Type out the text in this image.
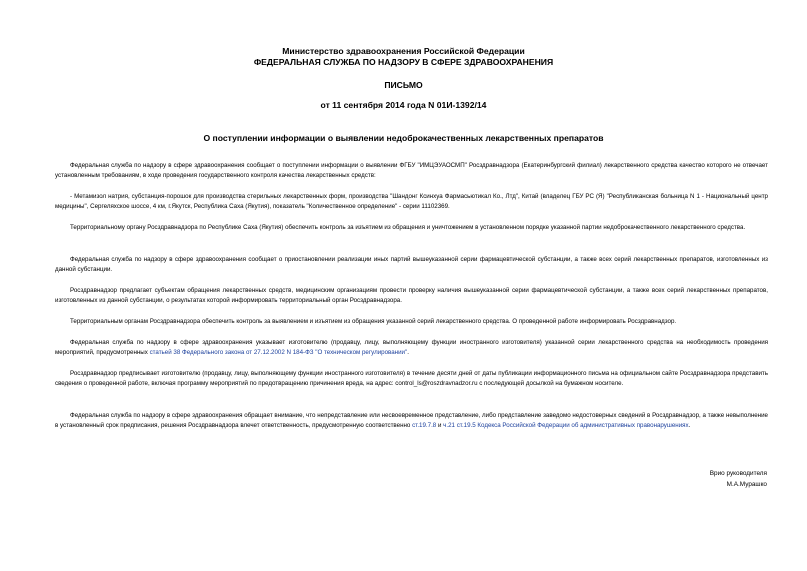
Министерство здравоохранения Российской Федерации
ФЕДЕРАЛЬНАЯ СЛУЖБА ПО НАДЗОРУ В СФЕРЕ ЗДРАВООХРАНЕНИЯ
ПИСЬМО
от 11 сентября 2014 года N 01И-1392/14
О поступлении информации о выявлении недоброкачественных лекарственных препаратов
Федеральная служба по надзору в сфере здравоохранения сообщает о поступлении информации о выявлении ФГБУ "ИМЦЭУАОСМП" Росздравнадзора (Екатеринбургский филиал) лекарственного средства качество которого не отвечает установленным требованиям, в ходе проведения государственного контроля качества лекарственных средств:
- Метамизол натрия, субстанция-порошок для производства стерильных лекарственных форм, производства "Шандонг Ксинхуа Фармасьютикал Ко., Лтд", Китай (владелец ГБУ РС (Я) "Республиканская больница N 1 - Национальный центр медицины", Сергеляхское шоссе, 4 км, г.Якутск, Республика Саха (Якутия), показатель "Количественное определение" - серии 11102369.
Территориальному органу Росздравнадзора по Республике Саха (Якутия) обеспечить контроль за изъятием из обращения и уничтожением в установленном порядке указанной партии недоброкачественного лекарственного средства.
Федеральная служба по надзору в сфере здравоохранения сообщает о приостановлении реализации иных партий вышеуказанной серии фармацевтической субстанции, а также всех серий лекарственных препаратов, изготовленных из данной субстанции.
Росздравнадзор предлагает субъектам обращения лекарственных средств, медицинским организациям провести проверку наличия вышеуказанной серии фармацевтической субстанции, а также всех серий лекарственных препаратов, изготовленных из данной субстанции, о результатах которой информировать территориальный орган Росздравнадзора.
Территориальным органам Росздравнадзора обеспечить контроль за выявлением и изъятием из обращения указанной серий лекарственного средства. О проведенной работе информировать Росздравнадзор.
Федеральная служба по надзору в сфере здравоохранения указывает изготовителю (продавцу, лицу, выполняющему функции иностранного изготовителя) указанной серии лекарственного средства на необходимость проведения мероприятий, предусмотренных статьей 38 Федерального закона от 27.12.2002 N 184-ФЗ "О техническом регулировании".
Росздравнадзор предписывает изготовителю (продавцу, лицу, выполняющему функции иностранного изготовителя) в течение десяти дней от даты публикации информационного письма на официальном сайте Росздравнадзора представить сведения о проведенной работе, включая программу мероприятий по предотвращению причинения вреда, на адрес: control_ls@roszdravnadzor.ru с последующей досылкой на бумажном носителе.
Федеральная служба по надзору в сфере здравоохранения обращает внимание, что непредставление или несвоевременное представление, либо представление заведомо недостоверных сведений в Росздравнадзор, а также невыполнение в установленный срок предписания, решения Росздравнадзора влечет ответственность, предусмотренную соответственно ст.19.7.8 и ч.21 ст.19.5 Кодекса Российской Федерации об административных правонарушениях.
Врио руководителя
М.А.Мурашко
